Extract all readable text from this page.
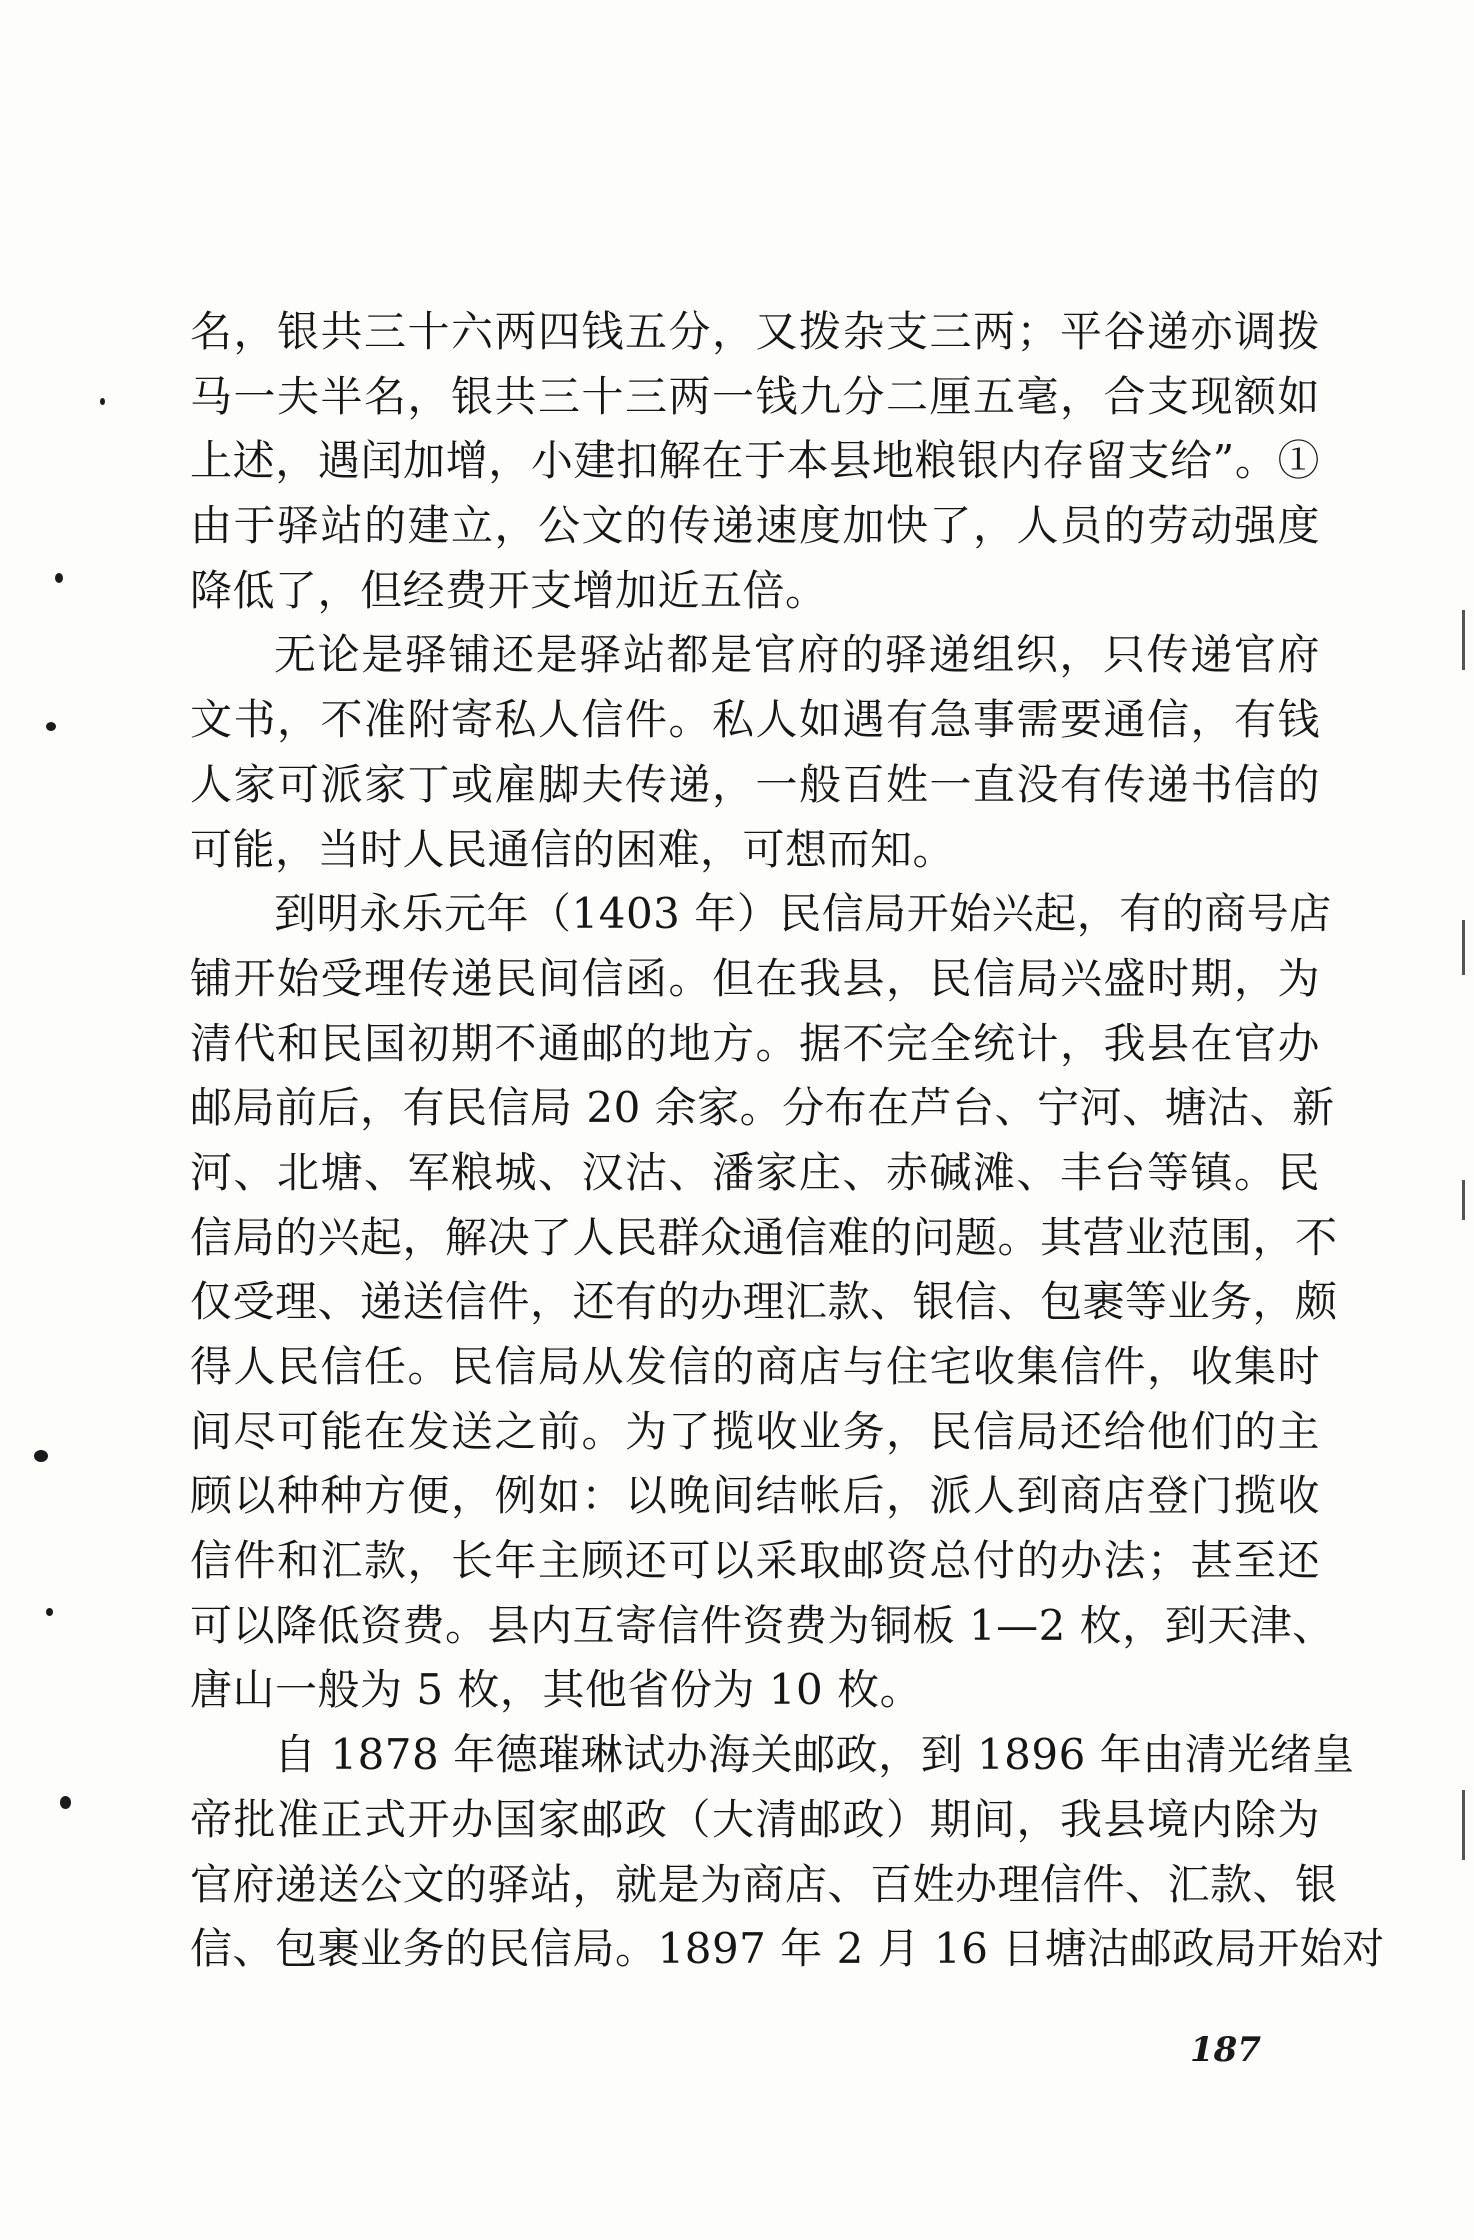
名，银共三十六两四钱五分，又拨杂支三两；平谷递亦调拨
马一夫半名，银共三十三两一钱九分二厘五毫，合支现额如
上述，遇闰加增，小建扣解在于本县地粮银内存留支给”。①
由于驿站的建立，公文的传递速度加快了，人员的劳动强度
降低了，但经费开支增加近五倍。
无论是驿铺还是驿站都是官府的驿递组织，只传递官府
文书，不准附寄私人信件。私人如遇有急事需要通信，有钱
人家可派家丁或雇脚夫传递，一般百姓一直没有传递书信的
可能，当时人民通信的困难，可想而知。
到明永乐元年（1403 年）民信局开始兴起，有的商号店
铺开始受理传递民间信函。但在我县，民信局兴盛时期，为
清代和民国初期不通邮的地方。据不完全统计，我县在官办
邮局前后，有民信局 20 余家。分布在芦台、宁河、塘沽、新
河、北塘、军粮城、汉沽、潘家庄、赤碱滩、丰台等镇。民
信局的兴起，解决了人民群众通信难的问题。其营业范围，不
仅受理、递送信件，还有的办理汇款、银信、包裹等业务，颇
得人民信任。民信局从发信的商店与住宅收集信件，收集时
间尽可能在发送之前。为了揽收业务，民信局还给他们的主
顾以种种方便，例如：以晚间结帐后，派人到商店登门揽收
信件和汇款，长年主顾还可以采取邮资总付的办法；甚至还
可以降低资费。县内互寄信件资费为铜板 1—2 枚，到天津、
唐山一般为 5 枚，其他省份为 10 枚。
自 1878 年德璀琳试办海关邮政，到 1896 年由清光绪皇
帝批准正式开办国家邮政（大清邮政）期间，我县境内除为
官府递送公文的驿站，就是为商店、百姓办理信件、汇款、银
信、包裹业务的民信局。1897 年 2 月 16 日塘沽邮政局开始对
187
